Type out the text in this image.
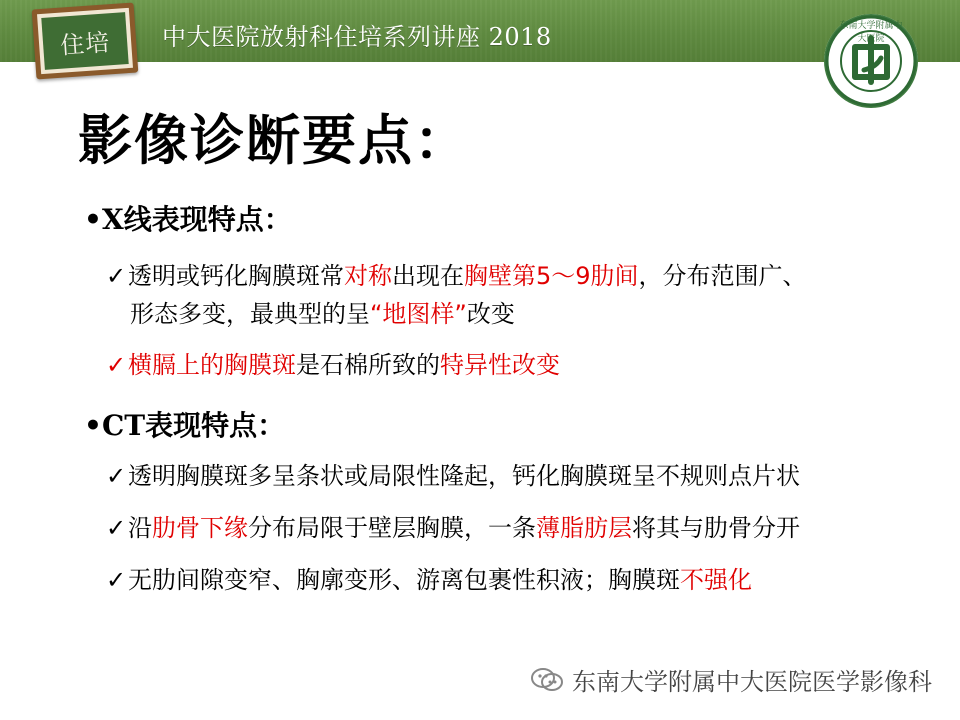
住培	中大医院放射科住培系列讲座 2018	东南大学附属中大医院
影像诊断要点：
•X线表现特点：
✓透明或钙化胸膜斑常对称出现在胸壁第5～9肋间，分布范围广、
形态多变，最典型的呈“地图样”改变
✓横膈上的胸膜斑是石棉所致的特异性改变
•CT表现特点：
✓透明胸膜斑多呈条状或局限性隆起，钙化胸膜斑呈不规则点片状
✓沿肋骨下缘分布局限于壁层胸膜，一条薄脂肪层将其与肋骨分开
✓无肋间隙变窄、胸廓变形、游离包裹性积液；胸膜斑不强化
东南大学附属中大医院医学影像科
